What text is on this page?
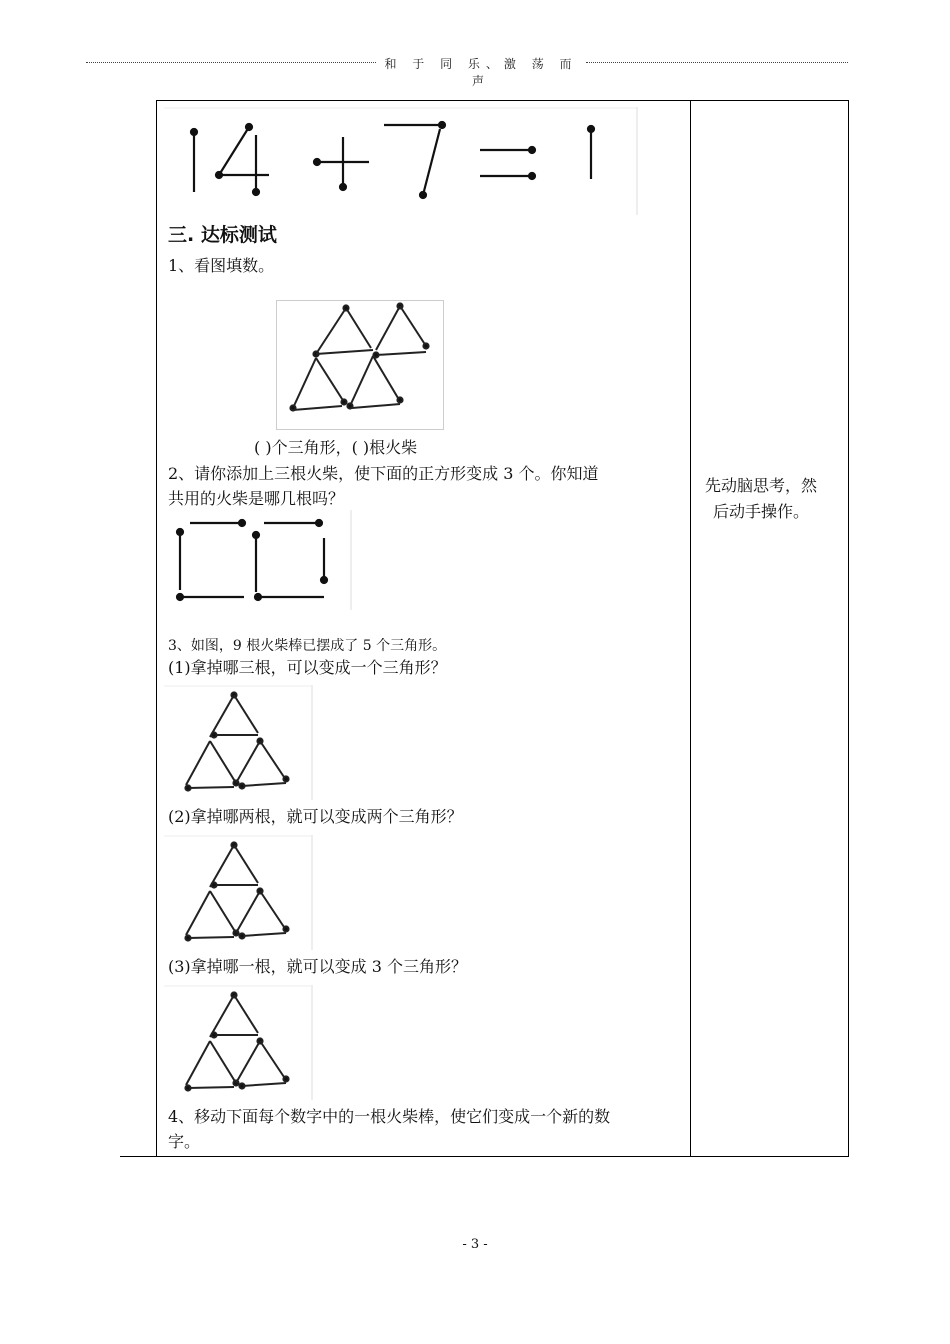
和 于 同 乐、激 荡 而 声
三. 达标测试
1、看图填数。
( )个三角形，( )根火柴
2、请你添加上三根火柴，使下面的正方形变成 3 个。你知道
共用的火柴是哪几根吗？
3、如图，9 根火柴棒已摆成了 5 个三角形。
(1)拿掉哪三根，可以变成一个三角形？
(2)拿掉哪两根，就可以变成两个三角形？
(3)拿掉哪一根，就可以变成 3 个三角形？
4、移动下面每个数字中的一根火柴棒，使它们变成一个新的数
字。
先动脑思考，然
后动手操作。
- 3 -
